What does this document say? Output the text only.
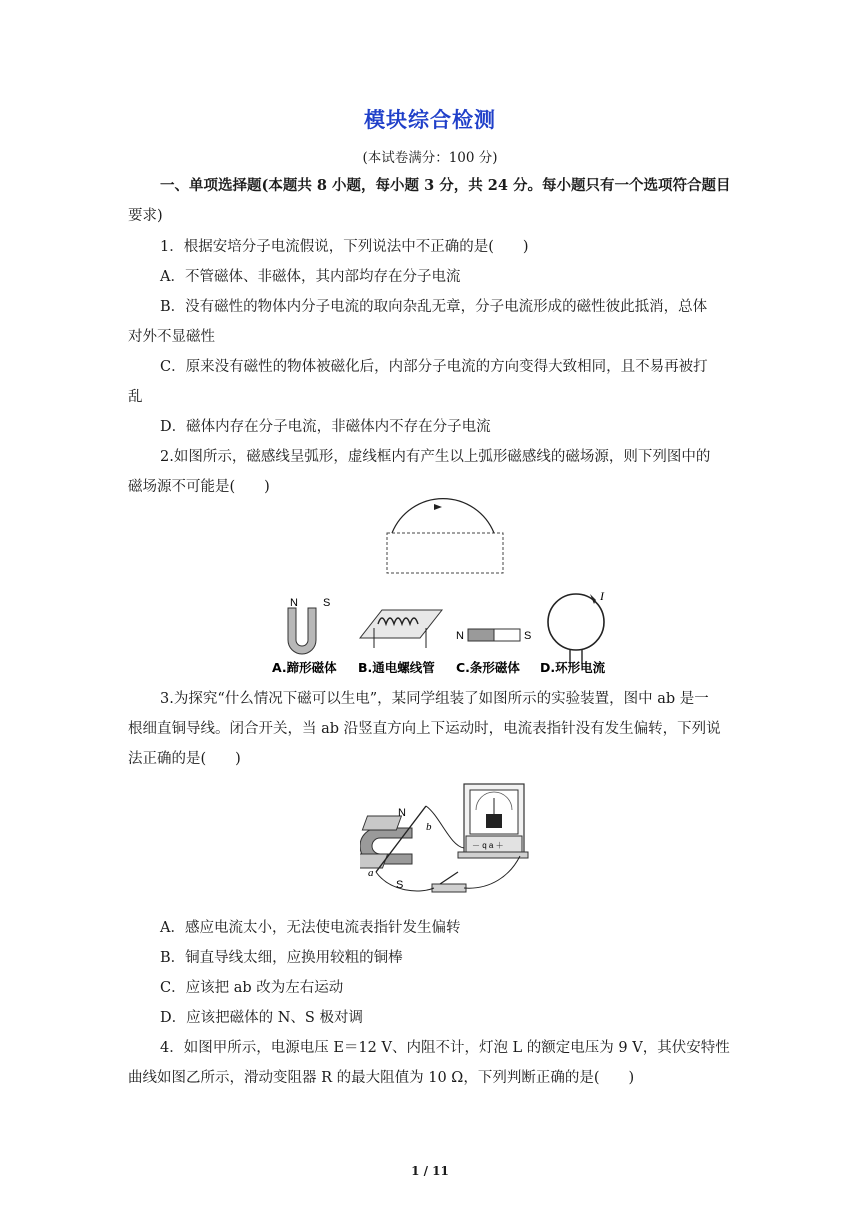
模块综合检测
(本试卷满分：100 分)
一、单项选择题(本题共 8 小题，每小题 3 分，共 24 分。每小题只有一个选项符合题目
要求)
1．根据安培分子电流假说，下列说法中不正确的是(　　)
A．不管磁体、非磁体，其内部均存在分子电流
B．没有磁性的物体内分子电流的取向杂乱无章，分子电流形成的磁性彼此抵消，总体
对外不显磁性
C．原来没有磁性的物体被磁化后，内部分子电流的方向变得大致相同，且不易再被打
乱
D．磁体内存在分子电流，非磁体内不存在分子电流
2.如图所示，磁感线呈弧形，虚线框内有产生以上弧形磁感线的磁场源，则下列图中的
磁场源不可能是(　　)
N S
N	S
I
A.蹄形磁体 B.通电螺线管 C.条形磁体 D.环形电流
3.为探究“什么情况下磁可以生电”，某同学组装了如图所示的实验装置，图中 ab 是一
根细直铜导线。闭合开关，当 ab 沿竖直方向上下运动时，电流表指针没有发生偏转，下列说
法正确的是(　　)
N
S
b
a
－ q a ＋
A．感应电流太小，无法使电流表指针发生偏转
B．铜直导线太细，应换用较粗的铜棒
C．应该把 ab 改为左右运动
D．应该把磁体的 N、S 极对调
4．如图甲所示，电源电压 E＝12 V、内阻不计，灯泡 L 的额定电压为 9 V，其伏安特性
曲线如图乙所示，滑动变阻器 R 的最大阻值为 10 Ω，下列判断正确的是(　　)
1 / 11
